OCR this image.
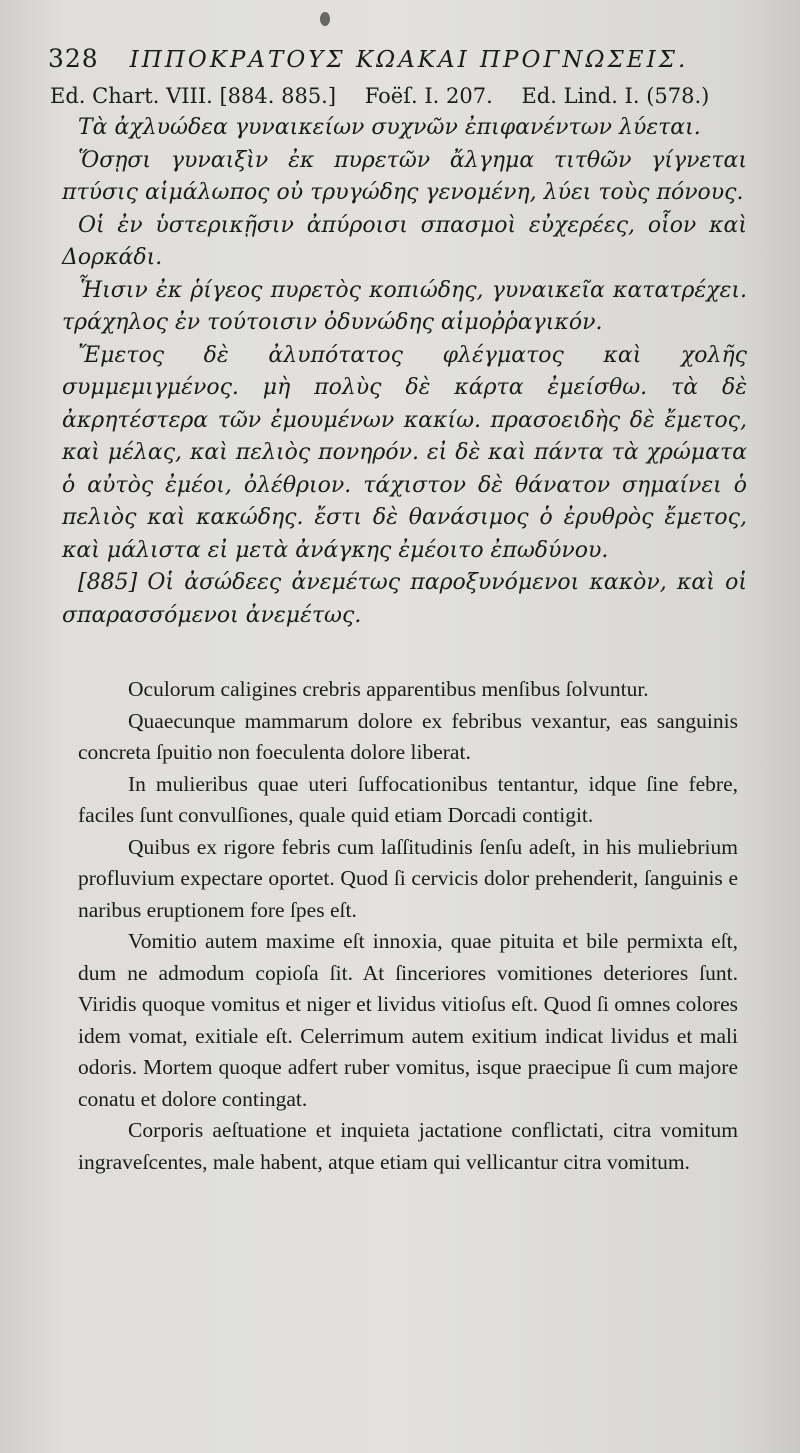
328 ΙΠΠΟΚΡΑΤΟΥΣ ΚΩΑΚΑΙ ΠΡΟΓΝΩΣΕΙΣ.
Ed. Chart. VIII. [884. 885.] Foëſ. I. 207. Ed. Lind. I. (578.)

Τὰ ἀχλυώδεα γυναικείων συχνῶν ἐπιφανέντων λύεται.

Ὅσῃσι γυναιξὶν ἐκ πυρετῶν ἄλγημα τιτθῶν γίγνεται πτύσις αἱμάλωπος οὐ τρυγώδης γενομένη, λύει τοὺς πόνους.

Οἱ ἐν ὑστερικῇσιν ἀπύροισι σπασμοὶ εὐχερέες, οἷον καὶ Δορκάδι.

Ἧισιν ἐκ ῥίγεος πυρετὸς κοπιώδης, γυναικεῖα κατατρέχει. τράχηλος ἐν τούτοισιν ὀδυνώδης αἱμοῤῥαγικόν.

Ἔμετος δὲ ἀλυπότατος φλέγματος καὶ χολῆς συμμεμιγμένος. μὴ πολὺς δὲ κάρτα ἐμείσθω. τὰ δὲ ἀκρητέστερα τῶν ἐμουμένων κακίω. πρασοειδὴς δὲ ἔμετος, καὶ μέλας, καὶ πελιὸς πονηρόν. εἰ δὲ καὶ πάντα τὰ χρώματα ὁ αὐτὸς ἐμέοι, ὀλέθριον. τάχιστον δὲ θάνατον σημαίνει ὁ πελιὸς καὶ κακώδης. ἔστι δὲ θανάσιμος ὁ ἐρυθρὸς ἔμετος, καὶ μάλιστα εἰ μετὰ ἀνάγκης ἐμέοιτο ἐπωδύνου.

[885] Οἱ ἀσώδεες ἀνεμέτως παροξυνόμενοι κακὸν, καὶ οἱ σπαρασσόμενοι ἀνεμέτως.

Oculorum caligines crebris apparentibus menſibus ſolvuntur.

Quaecunque mammarum dolore ex febribus vexantur, eas sanguinis concreta ſpuitio non foeculenta dolore liberat.

In mulieribus quae uteri ſuffocationibus tentantur, idque ſine febre, faciles ſunt convulſiones, quale quid etiam Dorcadi contigit.

Quibus ex rigore febris cum laſſitudinis ſenſu adeſt, in his muliebrium profluvium expectare oportet. Quod ſi cervicis dolor prehenderit, ſanguinis e naribus eruptionem fore ſpes eſt.

Vomitio autem maxime eſt innoxia, quae pituita et bile permixta eſt, dum ne admodum copioſa ſit. At ſinceriores vomitiones deteriores ſunt. Viridis quoque vomitus et niger et lividus vitioſus eſt. Quod ſi omnes colores idem vomat, exitiale eſt. Celerrimum autem exitium indicat lividus et mali odoris. Mortem quoque adfert ruber vomitus, isque praecipue ſi cum majore conatu et dolore contingat.

Corporis aeſtuatione et inquieta jactatione conflictati, citra vomitum ingraveſcentes, male habent, atque etiam qui vellicantur citra vomitum.
